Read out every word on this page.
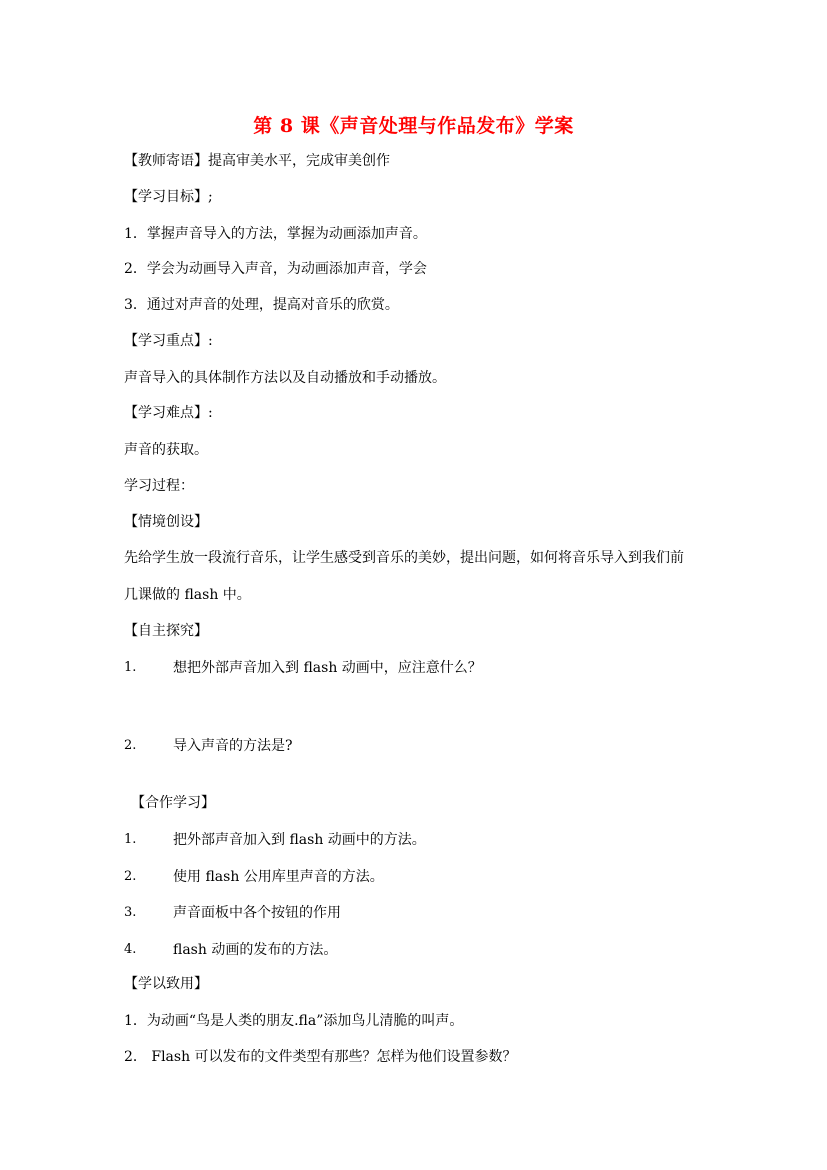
第 8 课《声音处理与作品发布》学案
【教师寄语】提高审美水平，完成审美创作
【学习目标】;
1．掌握声音导入的方法，掌握为动画添加声音。
2．学会为动画导入声音，为动画添加声音，学会
3．通过对声音的处理，提高对音乐的欣赏。
【学习重点】:
声音导入的具体制作方法以及自动播放和手动播放。
【学习难点】:
声音的获取。
学习过程：
【情境创设】
先给学生放一段流行音乐，让学生感受到音乐的美妙，提出问题，如何将音乐导入到我们前
几课做的 flash 中。
【自主探究】
1.	想把外部声音加入到 flash 动画中，应注意什么？
2.	导入声音的方法是?
【合作学习】
1.	把外部声音加入到 flash 动画中的方法。
2.	使用 flash 公用库里声音的方法。
3.	声音面板中各个按钮的作用
4.	flash 动画的发布的方法。
【学以致用】
1．为动画“鸟是人类的朋友.fla”添加鸟儿清脆的叫声。
2． Flash 可以发布的文件类型有那些？怎样为他们设置参数？
